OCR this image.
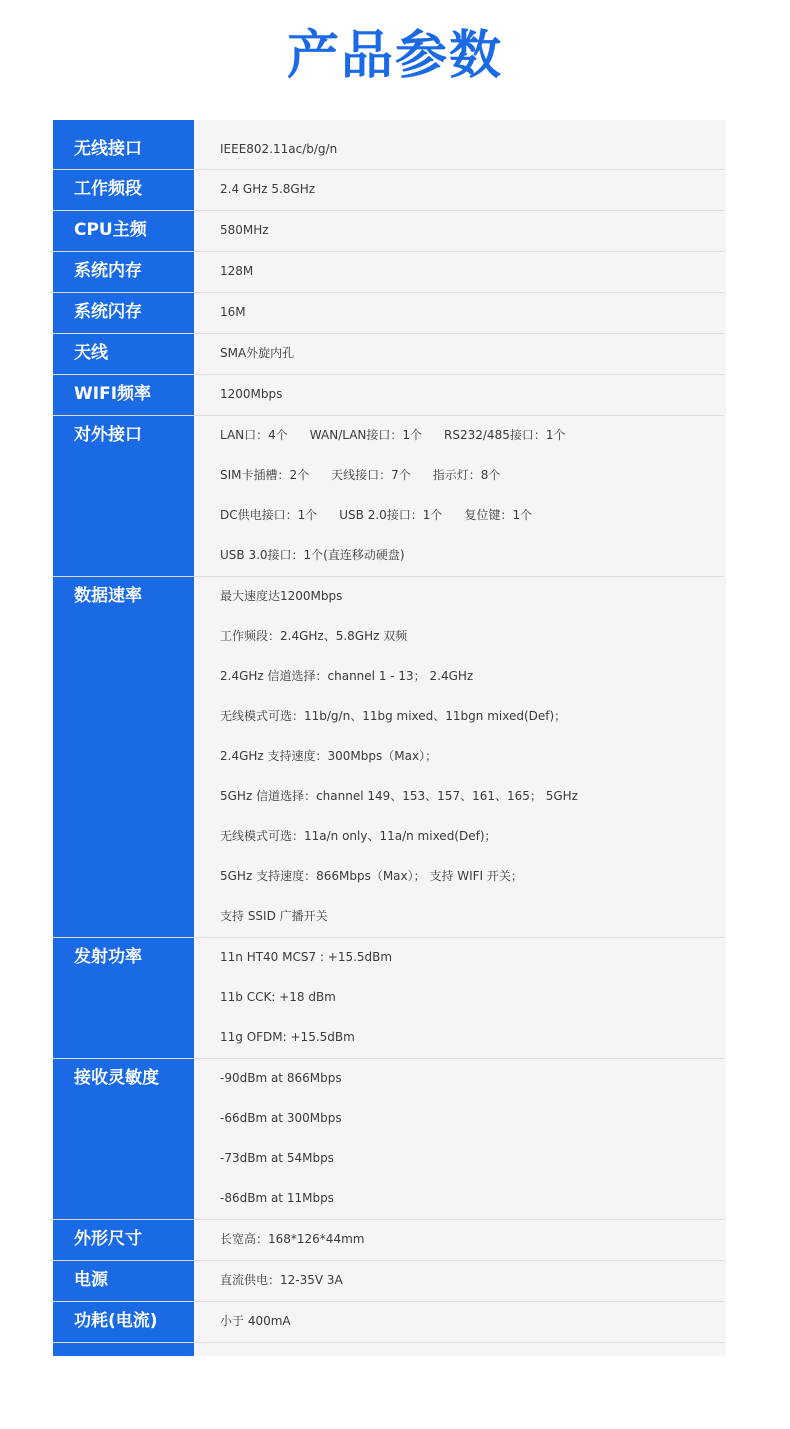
产品参数
无线接口	IEEE802.11ac/b/g/n
工作频段	2.4 GHz 5.8GHz
CPU主频	580MHz
系统内存	128M
系统闪存	16M
天线	SMA外旋内孔
WIFI频率	1200Mbps
对外接口	LAN口：4个 WAN/LAN接口：1个 RS232/485接口：1个
SIM卡插槽：2个 天线接口：7个 指示灯：8个
DC供电接口：1个 USB 2.0接口：1个 复位键：1个
USB 3.0接口：1个(直连移动硬盘)
数据速率	最大速度达1200Mbps
工作频段：2.4GHz、5.8GHz 双频
2.4GHz 信道选择：channel 1 - 13； 2.4GHz
无线模式可选：11b/g/n、11bg mixed、11bgn mixed(Def)；
2.4GHz 支持速度：300Mbps（Max）；
5GHz 信道选择：channel 149、153、157、161、165； 5GHz
无线模式可选：11a/n only、11a/n mixed(Def)；
5GHz 支持速度：866Mbps（Max）； 支持 WIFI 开关；
支持 SSID 广播开关
发射功率	11n HT40 MCS7 : +15.5dBm
11b CCK: +18 dBm
11g OFDM: +15.5dBm
接收灵敏度	-90dBm at 866Mbps
-66dBm at 300Mbps
-73dBm at 54Mbps
-86dBm at 11Mbps
外形尺寸	长宽高：168*126*44mm
电源	直流供电：12-35V 3A
功耗(电流)	小于 400mA
